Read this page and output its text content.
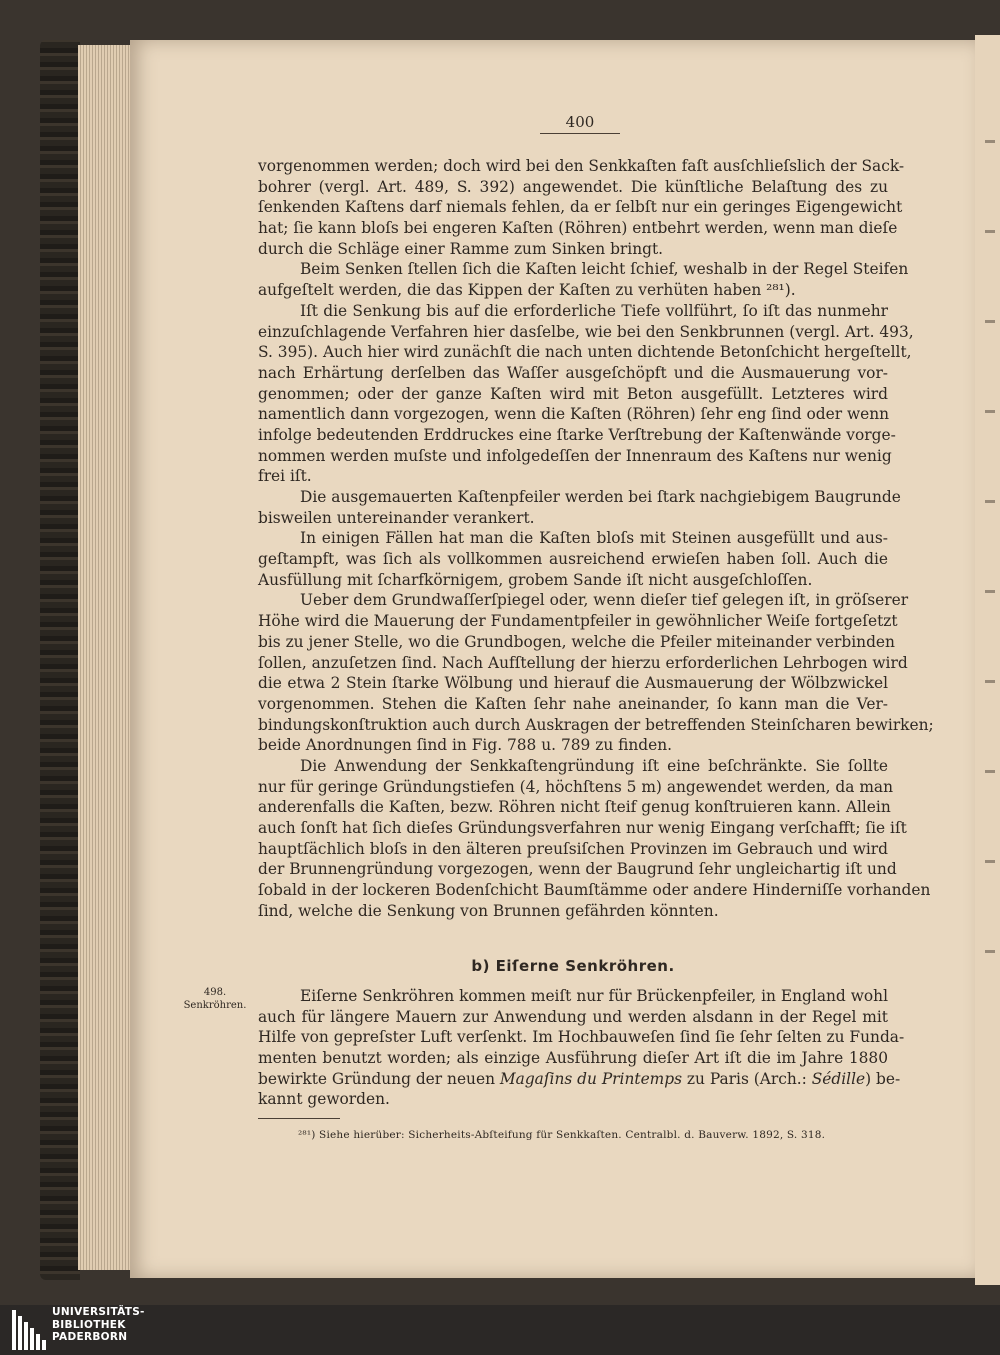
400
vorgenommen werden; doch wird bei den Senkkaſten faſt ausſchlieſslich der Sack-
bohrer (vergl. Art. 489, S. 392) angewendet. Die künſtliche Belaſtung des zu
ſenkenden Kaſtens darf niemals fehlen, da er ſelbſt nur ein geringes Eigengewicht
hat; ſie kann bloſs bei engeren Kaſten (Röhren) entbehrt werden, wenn man dieſe
durch die Schläge einer Ramme zum Sinken bringt.
Beim Senken ſtellen ſich die Kaſten leicht ſchief, weshalb in der Regel Steifen
aufgeſtelt werden, die das Kippen der Kaſten zu verhüten haben ²⁸¹).
Iſt die Senkung bis auf die erforderliche Tiefe vollführt, ſo iſt das nunmehr
einzuſchlagende Verfahren hier dasſelbe, wie bei den Senkbrunnen (vergl. Art. 493,
S. 395). Auch hier wird zunächſt die nach unten dichtende Betonſchicht hergeſtellt,
nach Erhärtung derſelben das Waſſer ausgeſchöpft und die Ausmauerung vor-
genommen; oder der ganze Kaſten wird mit Beton ausgefüllt. Letzteres wird
namentlich dann vorgezogen, wenn die Kaſten (Röhren) ſehr eng ſind oder wenn
infolge bedeutenden Erddruckes eine ſtarke Verſtrebung der Kaſtenwände vorge-
nommen werden muſste und infolgedeſſen der Innenraum des Kaſtens nur wenig
frei iſt.
Die ausgemauerten Kaſtenpfeiler werden bei ſtark nachgiebigem Baugrunde
bisweilen untereinander verankert.
In einigen Fällen hat man die Kaſten bloſs mit Steinen ausgefüllt und aus-
geſtampft, was ſich als vollkommen ausreichend erwieſen haben ſoll. Auch die
Ausfüllung mit ſcharfkörnigem, grobem Sande iſt nicht ausgeſchloſſen.
Ueber dem Grundwaſſerſpiegel oder, wenn dieſer tief gelegen iſt, in gröſserer
Höhe wird die Mauerung der Fundamentpfeiler in gewöhnlicher Weiſe fortgeſetzt
bis zu jener Stelle, wo die Grundbogen, welche die Pfeiler miteinander verbinden
ſollen, anzuſetzen ſind. Nach Aufſtellung der hierzu erforderlichen Lehrbogen wird
die etwa 2 Stein ſtarke Wölbung und hierauf die Ausmauerung der Wölbzwickel
vorgenommen. Stehen die Kaſten ſehr nahe aneinander, ſo kann man die Ver-
bindungskonſtruktion auch durch Auskragen der betreffenden Steinſcharen bewirken;
beide Anordnungen ſind in Fig. 788 u. 789 zu finden.
Die Anwendung der Senkkaſtengründung iſt eine beſchränkte. Sie ſollte
nur für geringe Gründungstiefen (4, höchſtens 5 m) angewendet werden, da man
anderenfalls die Kaſten, bezw. Röhren nicht ſteif genug konſtruieren kann. Allein
auch ſonſt hat ſich dieſes Gründungsverfahren nur wenig Eingang verſchafft; ſie iſt
hauptſächlich bloſs in den älteren preuſsiſchen Provinzen im Gebrauch und wird
der Brunnengründung vorgezogen, wenn der Baugrund ſehr ungleichartig iſt und
ſobald in der lockeren Bodenſchicht Baumſtämme oder andere Hinderniſſe vorhanden
ſind, welche die Senkung von Brunnen gefährden könnten.
b) Eiſerne Senkröhren.
498.
Senkröhren.
Eiſerne Senkröhren kommen meiſt nur für Brückenpfeiler, in England wohl
auch für längere Mauern zur Anwendung und werden alsdann in der Regel mit
Hilfe von gepreſster Luft verſenkt. Im Hochbauweſen ſind ſie ſehr ſelten zu Funda-
menten benutzt worden; als einzige Ausführung dieſer Art iſt die im Jahre 1880
bewirkte Gründung der neuen Magaſins du Printemps zu Paris (Arch.: Sédille) be-
kannt geworden.
²⁸¹) Siehe hierüber: Sicherheits-Abſteifung für Senkkaſten. Centralbl. d. Bauverw. 1892, S. 318.
UNIVERSITÄTS-
BIBLIOTHEK
PADERBORN
